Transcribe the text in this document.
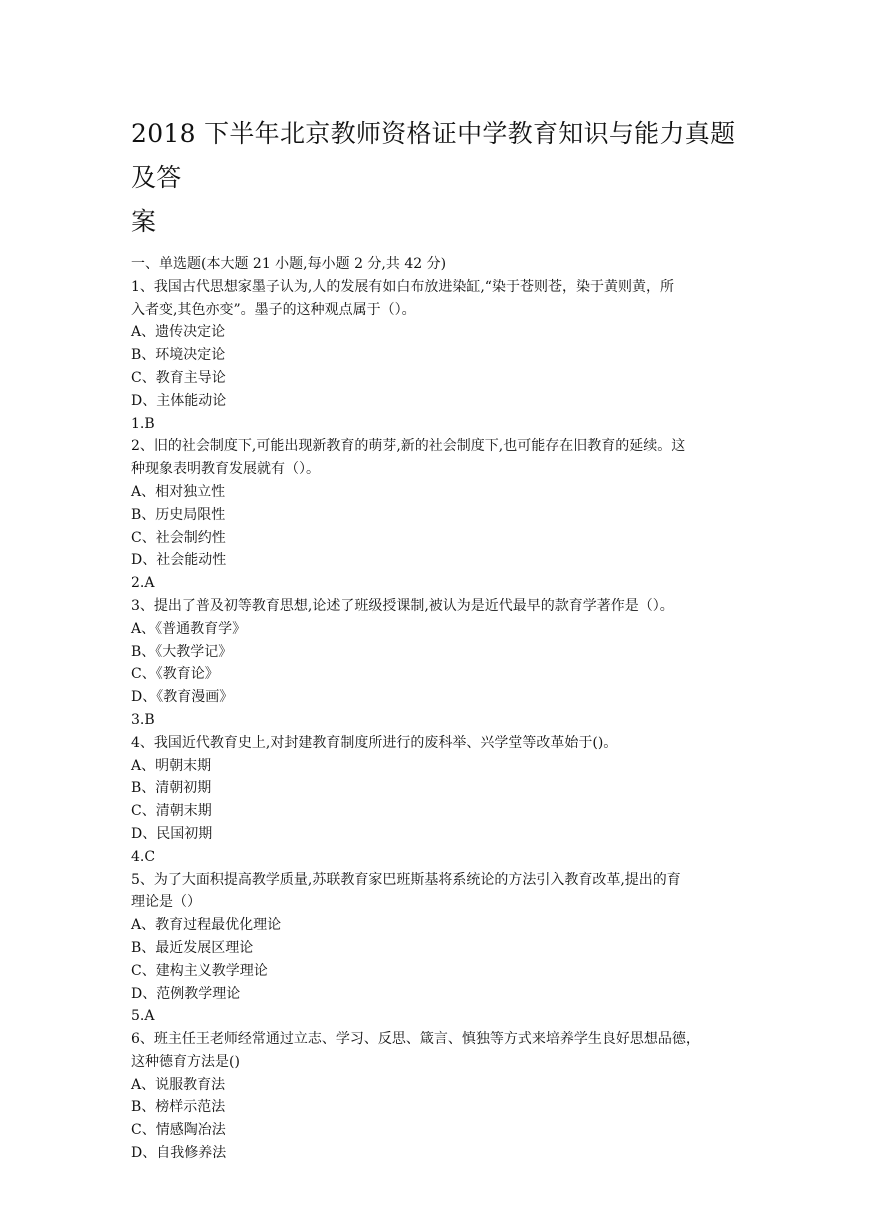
2018 下半年北京教师资格证中学教育知识与能力真题及答
案
一、单选题(本大题 21 小题,每小题 2 分,共 42 分)
1、我国古代思想家墨子认为,人的发展有如白布放进染缸,“染于苍则苍，染于黄则黄，所
入者变,其色亦变”。墨子的这种观点属于（）。
A、遗传决定论
B、环境决定论
C、教育主导论
D、主体能动论
1.B
2、旧的社会制度下,可能出现新教育的萌芽,新的社会制度下,也可能存在旧教育的延续。这
种现象表明教育发展就有（）。
A、相对独立性
B、历史局限性
C、社会制约性
D、社会能动性
2.A
3、提出了普及初等教育思想,论述了班级授课制,被认为是近代最早的款育学著作是（）。
A、《普通教育学》
B、《大教学记》
C、《教育论》
D、《教育漫画》
3.B
4、我国近代教育史上,对封建教育制度所进行的废科举、兴学堂等改革始于()。
A、明朝末期
B、清朝初期
C、清朝末期
D、民国初期
4.C
5、为了大面积提高教学质量,苏联教育家巴班斯基将系统论的方法引入教育改革,提出的育
理论是（）
A、教育过程最优化理论
B、最近发展区理论
C、建构主义教学理论
D、范例教学理论
5.A
6、班主任王老师经常通过立志、学习、反思、箴言、慎独等方式来培养学生良好思想品德，
这种德育方法是()
A、说服教育法
B、榜样示范法
C、情感陶冶法
D、自我修养法
